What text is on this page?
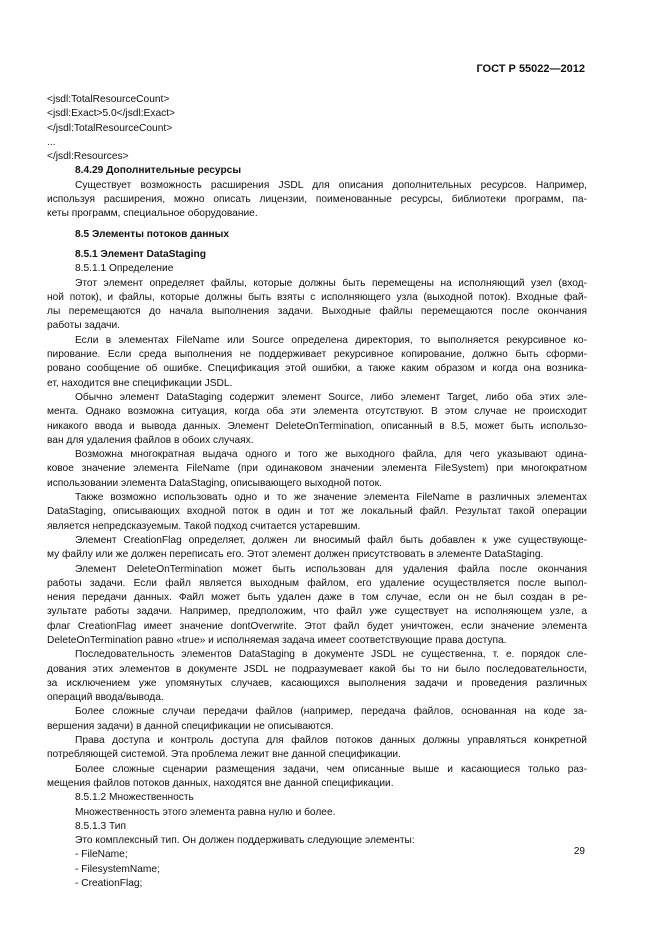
ГОСТ Р 55022—2012
<jsdl:TotalResourceCount>
<jsdl:Exact>5.0</jsdl:Exact>
</jsdl:TotalResourceCount>
...
</jsdl:Resources>
8.4.29 Дополнительные ресурсы
Существует возможность расширения JSDL для описания дополнительных ресурсов. Например,
используя расширения, можно описать лицензии, поименованные ресурсы, библиотеки программ, па-
кеты программ, специальное оборудование.
8.5 Элементы потоков данных
8.5.1 Элемент DataStaging
8.5.1.1 Определение
Этот элемент определяет файлы, которые должны быть перемещены на исполняющий узел (вход-
ной поток), и файлы, которые должны быть взяты с исполняющего узла (выходной поток). Входные фай-
лы перемещаются до начала выполнения задачи. Выходные файлы перемещаются после окончания
работы задачи.
Если в элементах FileName или Source определена директория, то выполняется рекурсивное ко-
пирование. Если среда выполнения не поддерживает рекурсивное копирование, должно быть сформи-
ровано сообщение об ошибке. Спецификация этой ошибки, а также каким образом и когда она возника-
ет, находится вне спецификации JSDL.
Обычно элемент DataStaging содержит элемент Source, либо элемент Target, либо оба этих эле-
мента. Однако возможна ситуация, когда оба эти элемента отсутствуют. В этом случае не происходит
никакого ввода и вывода данных. Элемент DeleteOnTermination, описанный в 8.5, может быть использо-
ван для удаления файлов в обоих случаях.
Возможна многократная выдача одного и того же выходного файла, для чего указывают одина-
ковое значение элемента FileName (при одинаковом значении элемента FileSystem) при многократном
использовании элемента DataStaging, описывающего выходной поток.
Также возможно использовать одно и то же значение элемента FileName в различных элементах
DataStaging, описывающих входной поток в один и тот же локальный файл. Результат такой операции
является непредсказуемым. Такой подход считается устаревшим.
Элемент CreationFlag определяет, должен ли вносимый файл быть добавлен к уже существующе-
му файлу или же должен переписать его. Этот элемент должен присутствовать в элементе DataStaging.
Элемент DeleteOnTermination может быть использован для удаления файла после окончания
работы задачи. Если файл является выходным файлом, его удаление осуществляется после выпол-
нения передачи данных. Файл может быть удален даже в том случае, если он не был создан в ре-
зультате работы задачи. Например, предположим, что файл уже существует на исполняющем узле, а
флаг CreationFlag имеет значение dontOverwrite. Этот файл будет уничтожен, если значение элемента
DeleteOnTermination равно «true» и исполняемая задача имеет соответствующие права доступа.
Последовательность элементов DataStaging в документе JSDL не существенна, т. е. порядок сле-
дования этих элементов в документе JSDL не подразумевает какой бы то ни было последовательности,
за исключением уже упомянутых случаев, касающихся выполнения задачи и проведения различных
операций ввода/вывода.
Более сложные случаи передачи файлов (например, передача файлов, основанная на коде за-
вершения задачи) в данной спецификации не описываются.
Права доступа и контроль доступа для файлов потоков данных должны управляться конкретной
потребляющей системой. Эта проблема лежит вне данной спецификации.
Более сложные сценарии размещения задачи, чем описанные выше и касающиеся только раз-
мещения файлов потоков данных, находятся вне данной спецификации.
8.5.1.2 Множественность
Множественность этого элемента равна нулю и более.
8.5.1.3 Тип
Это комплексный тип. Он должен поддерживать следующие элементы:
- FileName;
- FilesystemName;
- CreationFlag;
29
